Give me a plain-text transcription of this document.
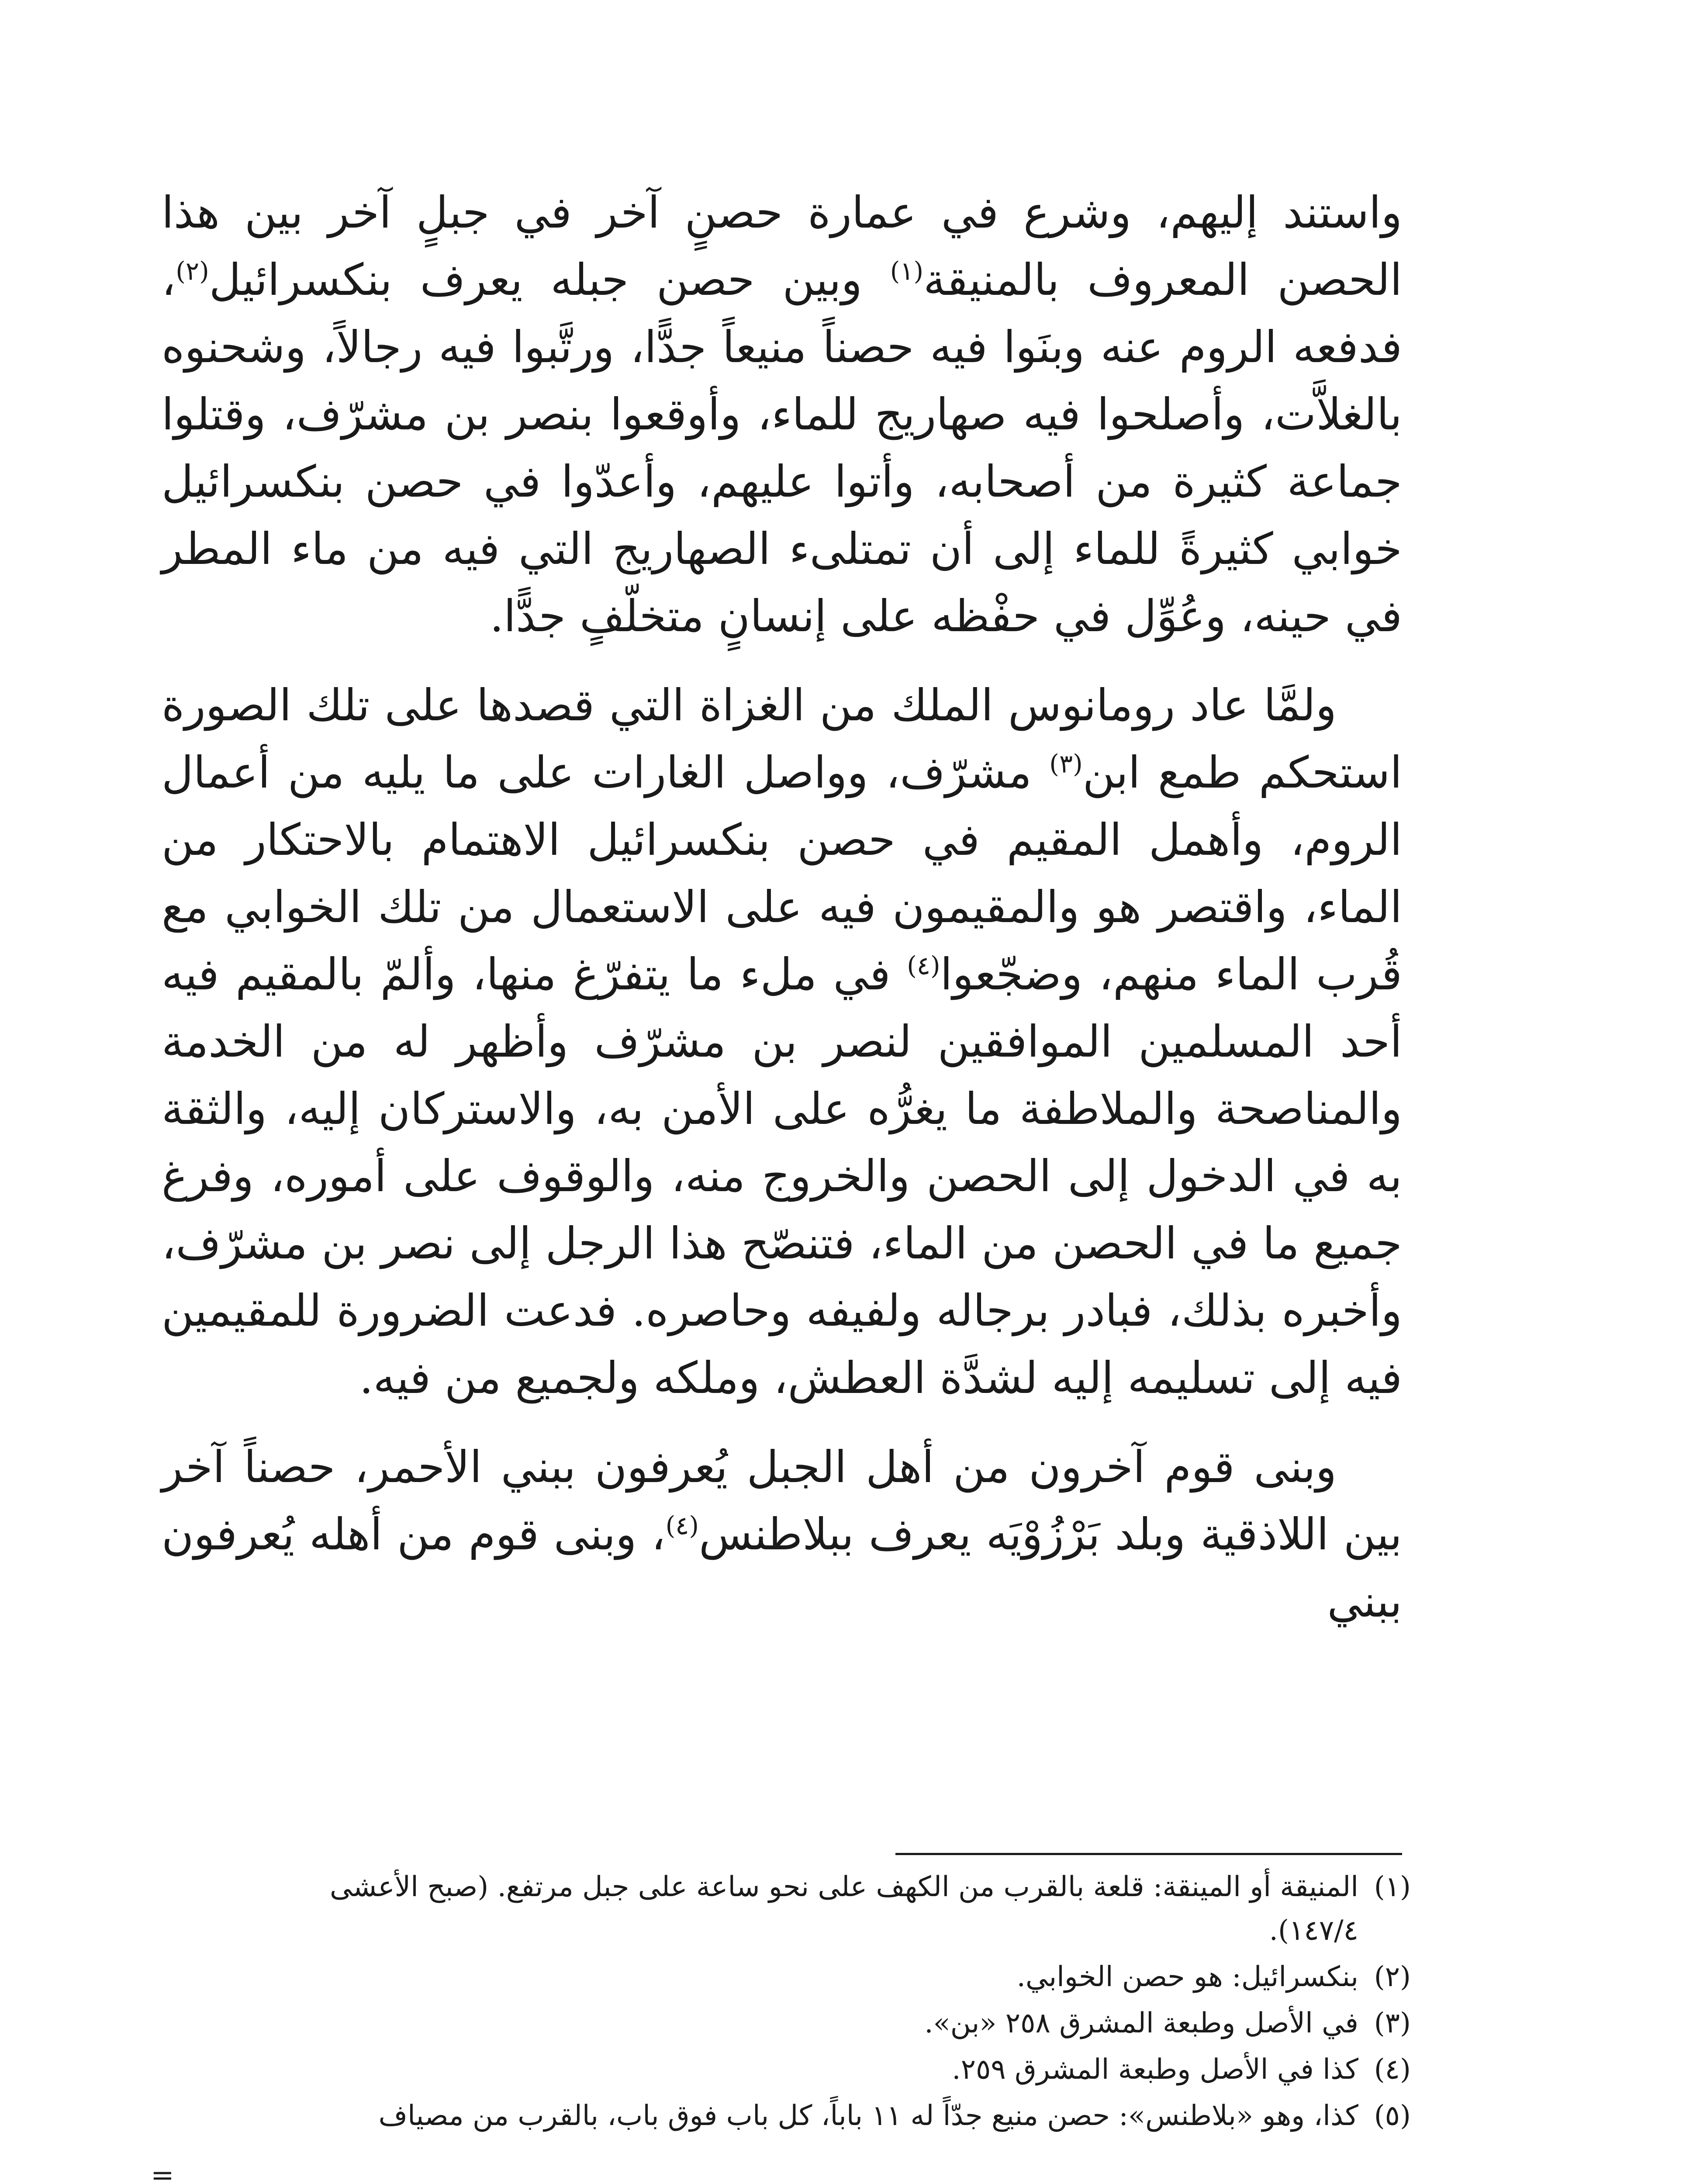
واستند إليهم، وشرع في عمارة حصنٍ آخر في جبلٍ آخر بين هذا الحصن المعروف بالمنيقة$^{(١)}$ وبين حصن جبله يعرف بنكسرائيل$^{(٢)}$، فدفعه الروم عنه وبنَوا فيه حصناً منيعاً جدًّا، ورتَّبوا فيه رجالاً، وشحنوه بالغلاَّت، وأصلحوا فيه صهاريج للماء، وأوقعوا بنصر بن مشرّف، وقتلوا جماعة كثيرة من أصحابه، وأتوا عليهم، وأعدّوا في حصن بنكسرائيل خوابي كثيرةً للماء إلى أن تمتلىء الصهاريج التي فيه من ماء المطر في حينه، وعُوِّل في حفْظه على إنسانٍ متخلّفٍ جدًّا.

ولمَّا عاد رومانوس الملك من الغزاة التي قصدها على تلك الصورة استحكم طمع ابن$^{(٣)}$ مشرّف، وواصل الغارات على ما يليه من أعمال الروم، وأهمل المقيم في حصن بنكسرائيل الاهتمام بالاحتكار من الماء، واقتصر هو والمقيمون فيه على الاستعمال من تلك الخوابي مع قُرب الماء منهم، وضجّعوا$^{(٤)}$ في ملء ما يتفرّغ منها، وألمّ بالمقيم فيه أحد المسلمين الموافقين لنصر بن مشرّف وأظهر له من الخدمة والمناصحة والملاطفة ما يغرُّه على الأمن به، والاستركان إليه، والثقة به في الدخول إلى الحصن والخروج منه، والوقوف على أموره، وفرغ جميع ما في الحصن من الماء، فتنصّح هذا الرجل إلى نصر بن مشرّف، وأخبره بذلك، فبادر برجاله ولفيفه وحاصره. فدعت الضرورة للمقيمين فيه إلى تسليمه إليه لشدَّة العطش، وملكه ولجميع من فيه.

وبنى قوم آخرون من أهل الجبل يُعرفون ببني الأحمر، حصناً آخر بين اللاذقية وبلد بَرْزُوْيَه يعرف ببلاطنس$^{(٤)}$، وبنى قوم من أهله يُعرفون ببني

(١)المنيقة أو المينقة: قلعة بالقرب من الكهف على نحو ساعة على جبل مرتفع. (صبح الأعشى
١٤٧/٤).

(٢)بنكسرائيل: هو حصن الخوابي.

(٣)في الأصل وطبعة المشرق ٢٥٨ «بن».

(٤)كذا في الأصل وطبعة المشرق ٢٥٩.

(٥)كذا، وهو «بلاطنس»: حصن منيع جدّاً له ١١ باباً، كل باب فوق باب، بالقرب من مصياف

=
